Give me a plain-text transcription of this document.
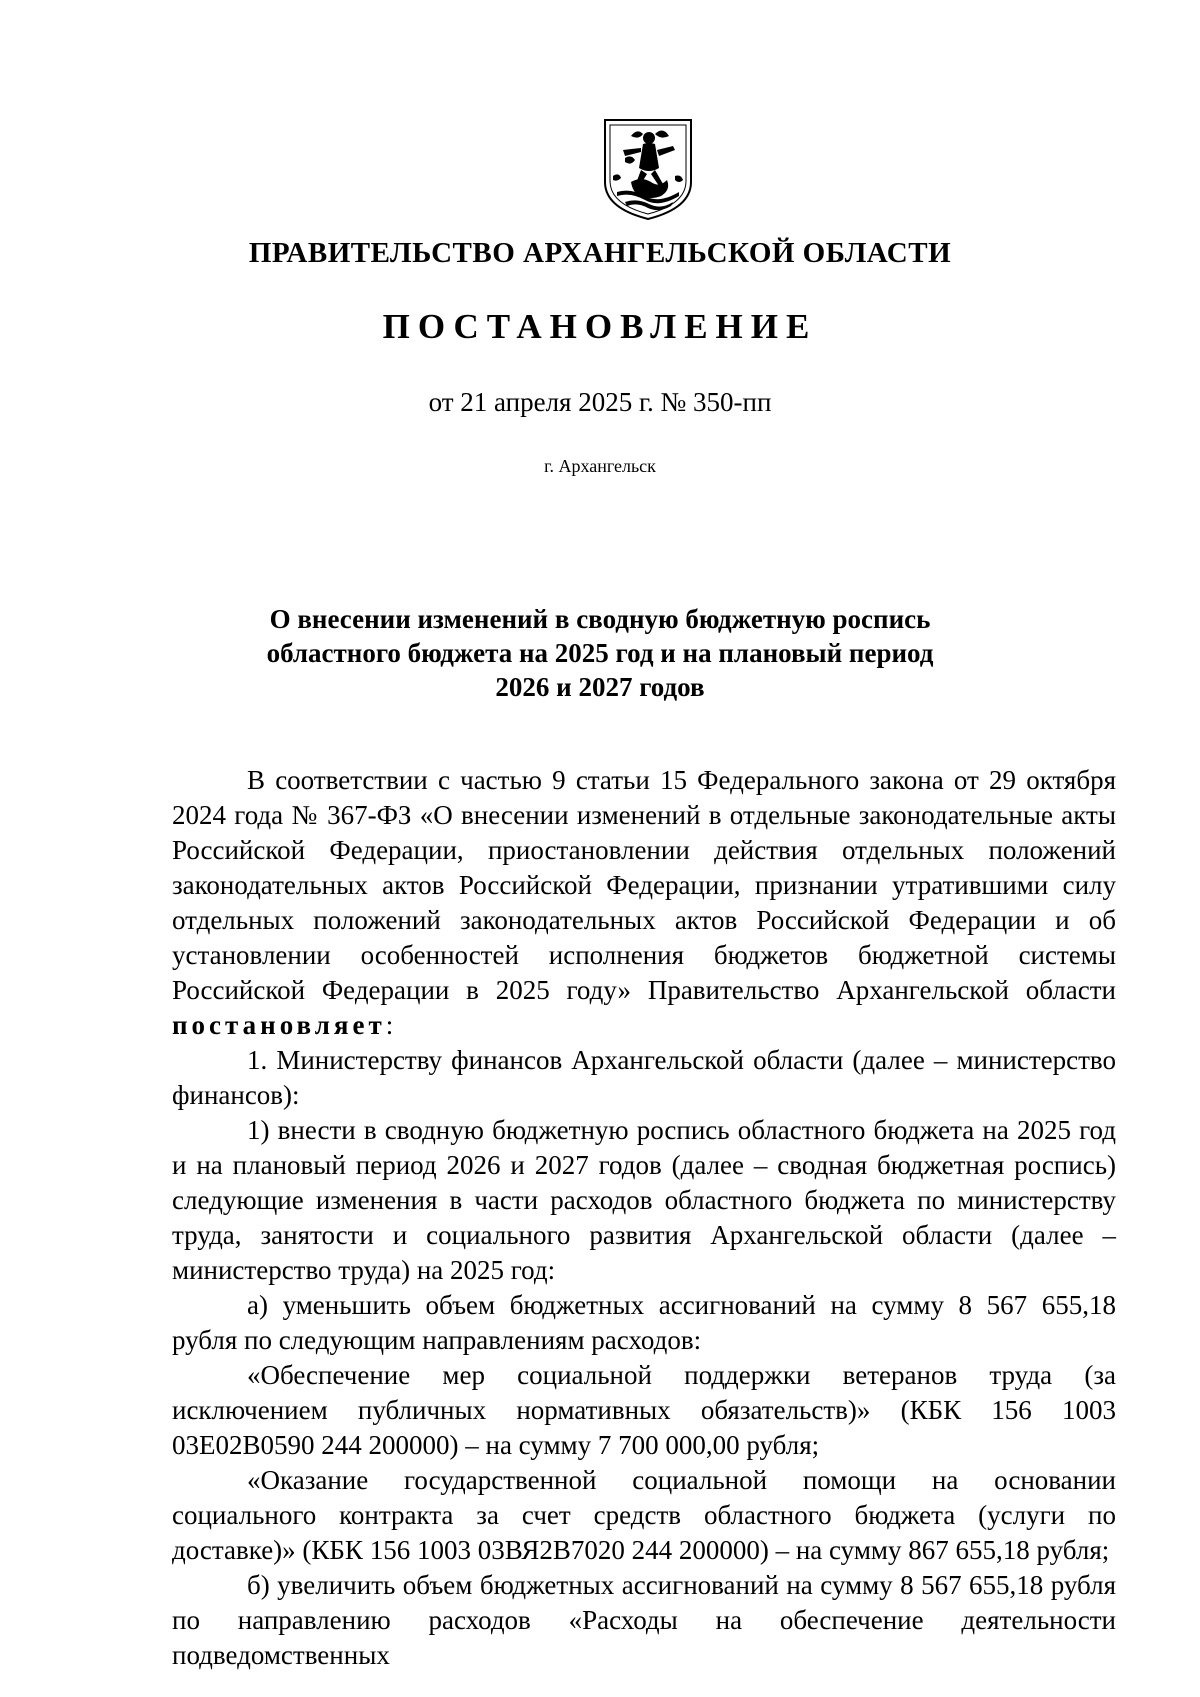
ПРАВИТЕЛЬСТВО АРХАНГЕЛЬСКОЙ ОБЛАСТИ
ПОСТАНОВЛЕНИЕ
от 21 апреля 2025 г. № 350-пп
г. Архангельск
О внесении изменений в сводную бюджетную роспись
областного бюджета на 2025 год и на плановый период
2026 и 2027 годов

В соответствии с частью 9 статьи 15 Федерального закона от 29 октября 2024 года № 367-ФЗ «О внесении изменений в отдельные законодательные акты Российской Федерации, приостановлении действия отдельных положений законодательных актов Российской Федерации, признании утратившими силу отдельных положений законодательных актов Российской Федерации и об установлении особенностей исполнения бюджетов бюджетной системы Российской Федерации в 2025 году» Правительство Архангельской области постановляет:

1. Министерству финансов Архангельской области (далее – министерство финансов):

1) внести в сводную бюджетную роспись областного бюджета на 2025 год и на плановый период 2026 и 2027 годов (далее – сводная бюджетная роспись) следующие изменения в части расходов областного бюджета по министерству труда, занятости и социального развития Архангельской области (далее – министерство труда) на 2025 год:

а) уменьшить объем бюджетных ассигнований на сумму 8 567 655,18 рубля по следующим направлениям расходов:

«Обеспечение мер социальной поддержки ветеранов труда (за исключением публичных нормативных обязательств)» (КБК 156 1003 03Е02В0590 244 200000) – на сумму 7 700 000,00 рубля;

«Оказание государственной социальной помощи на основании социального контракта за счет средств областного бюджета (услуги по доставке)» (КБК 156 1003 03ВЯ2В7020 244 200000) – на сумму 867 655,18 рубля;

б) увеличить объем бюджетных ассигнований на сумму 8 567 655,18 рубля по направлению расходов «Расходы на обеспечение деятельности подведомственных
